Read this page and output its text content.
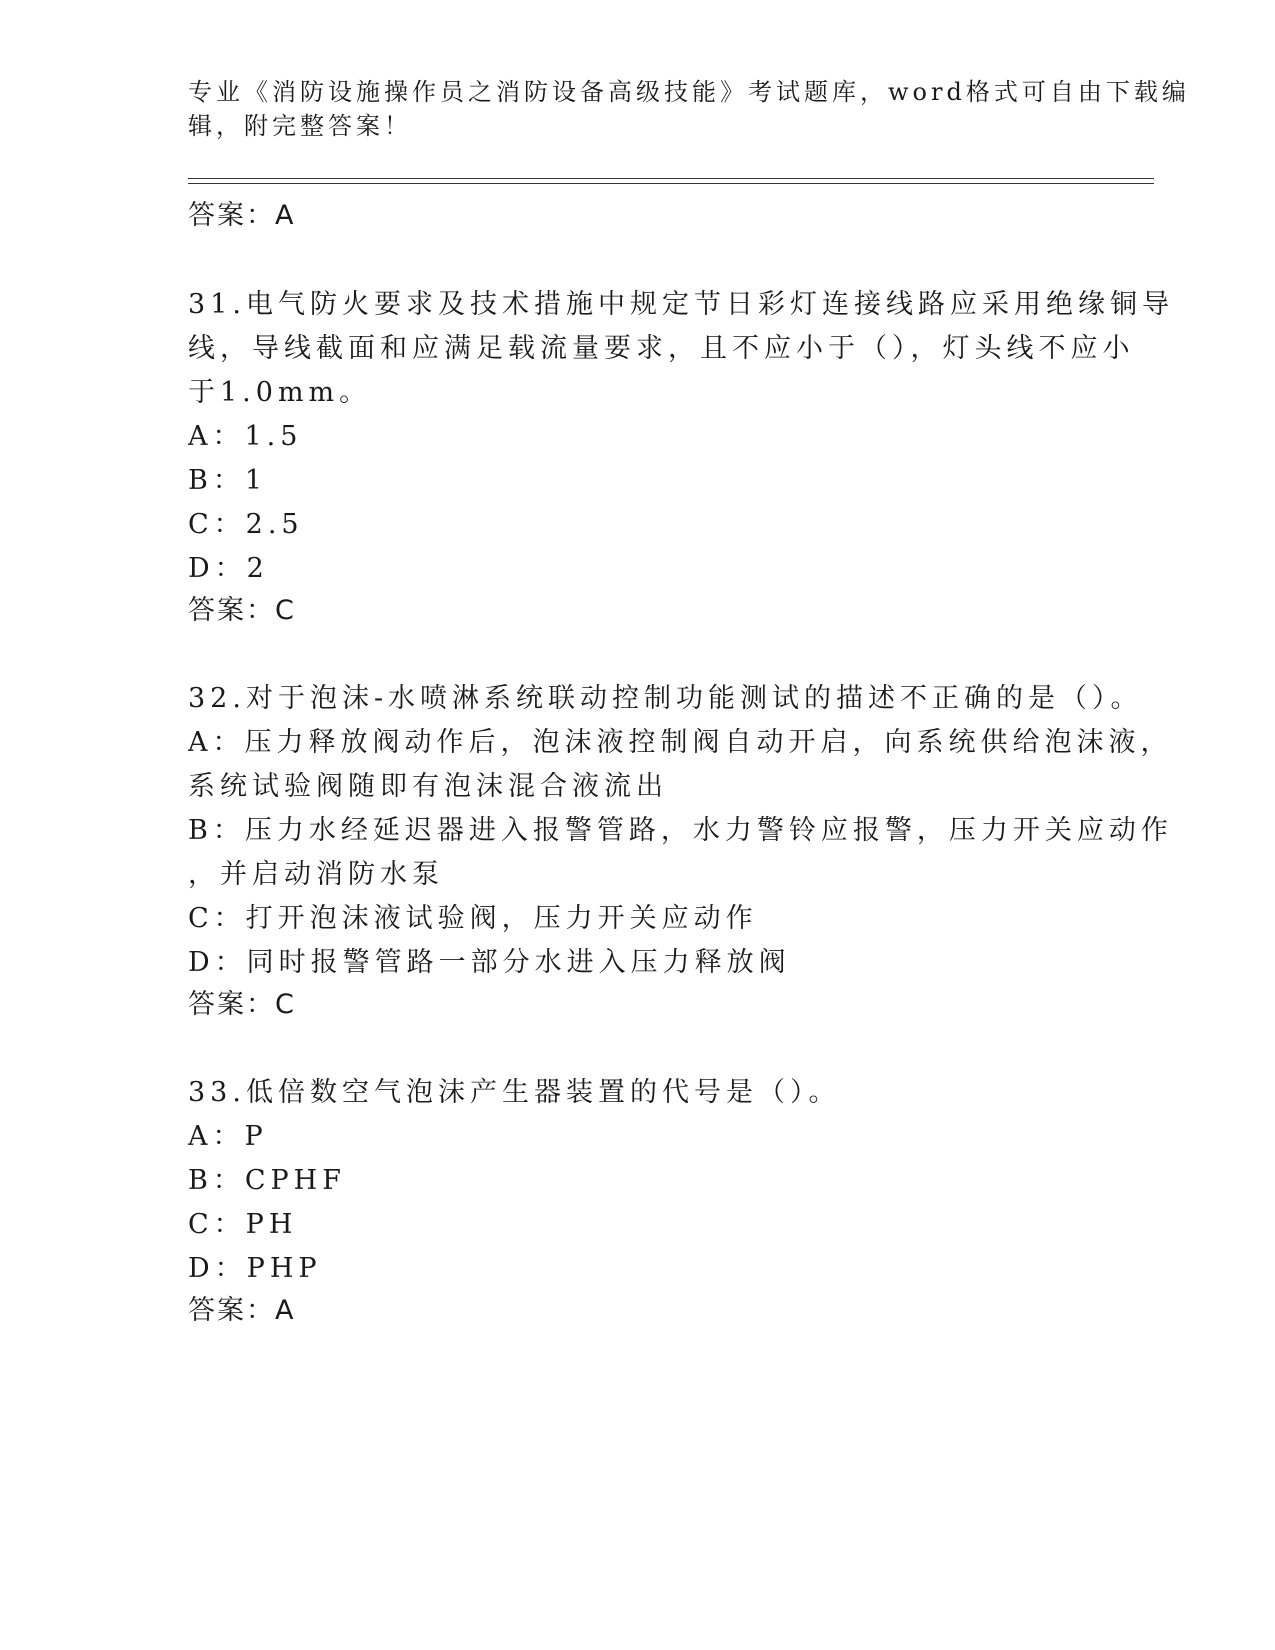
专业《消防设施操作员之消防设备高级技能》考试题库，word格式可自由下载编
辑，附完整答案！
答案：A
31.电气防火要求及技术措施中规定节日彩灯连接线路应采用绝缘铜导
线，导线截面和应满足载流量要求，且不应小于（），灯头线不应小
于1.0mm。
A：1.5
B：1
C：2.5
D：2
答案：C
32.对于泡沫-水喷淋系统联动控制功能测试的描述不正确的是（）。
A：压力释放阀动作后，泡沫液控制阀自动开启，向系统供给泡沫液，
系统试验阀随即有泡沫混合液流出
B：压力水经延迟器进入报警管路，水力警铃应报警，压力开关应动作
，并启动消防水泵
C：打开泡沫液试验阀，压力开关应动作
D：同时报警管路一部分水进入压力释放阀
答案：C
33.低倍数空气泡沫产生器装置的代号是（）。
A：P
B：CPHF
C：PH
D：PHP
答案：A
